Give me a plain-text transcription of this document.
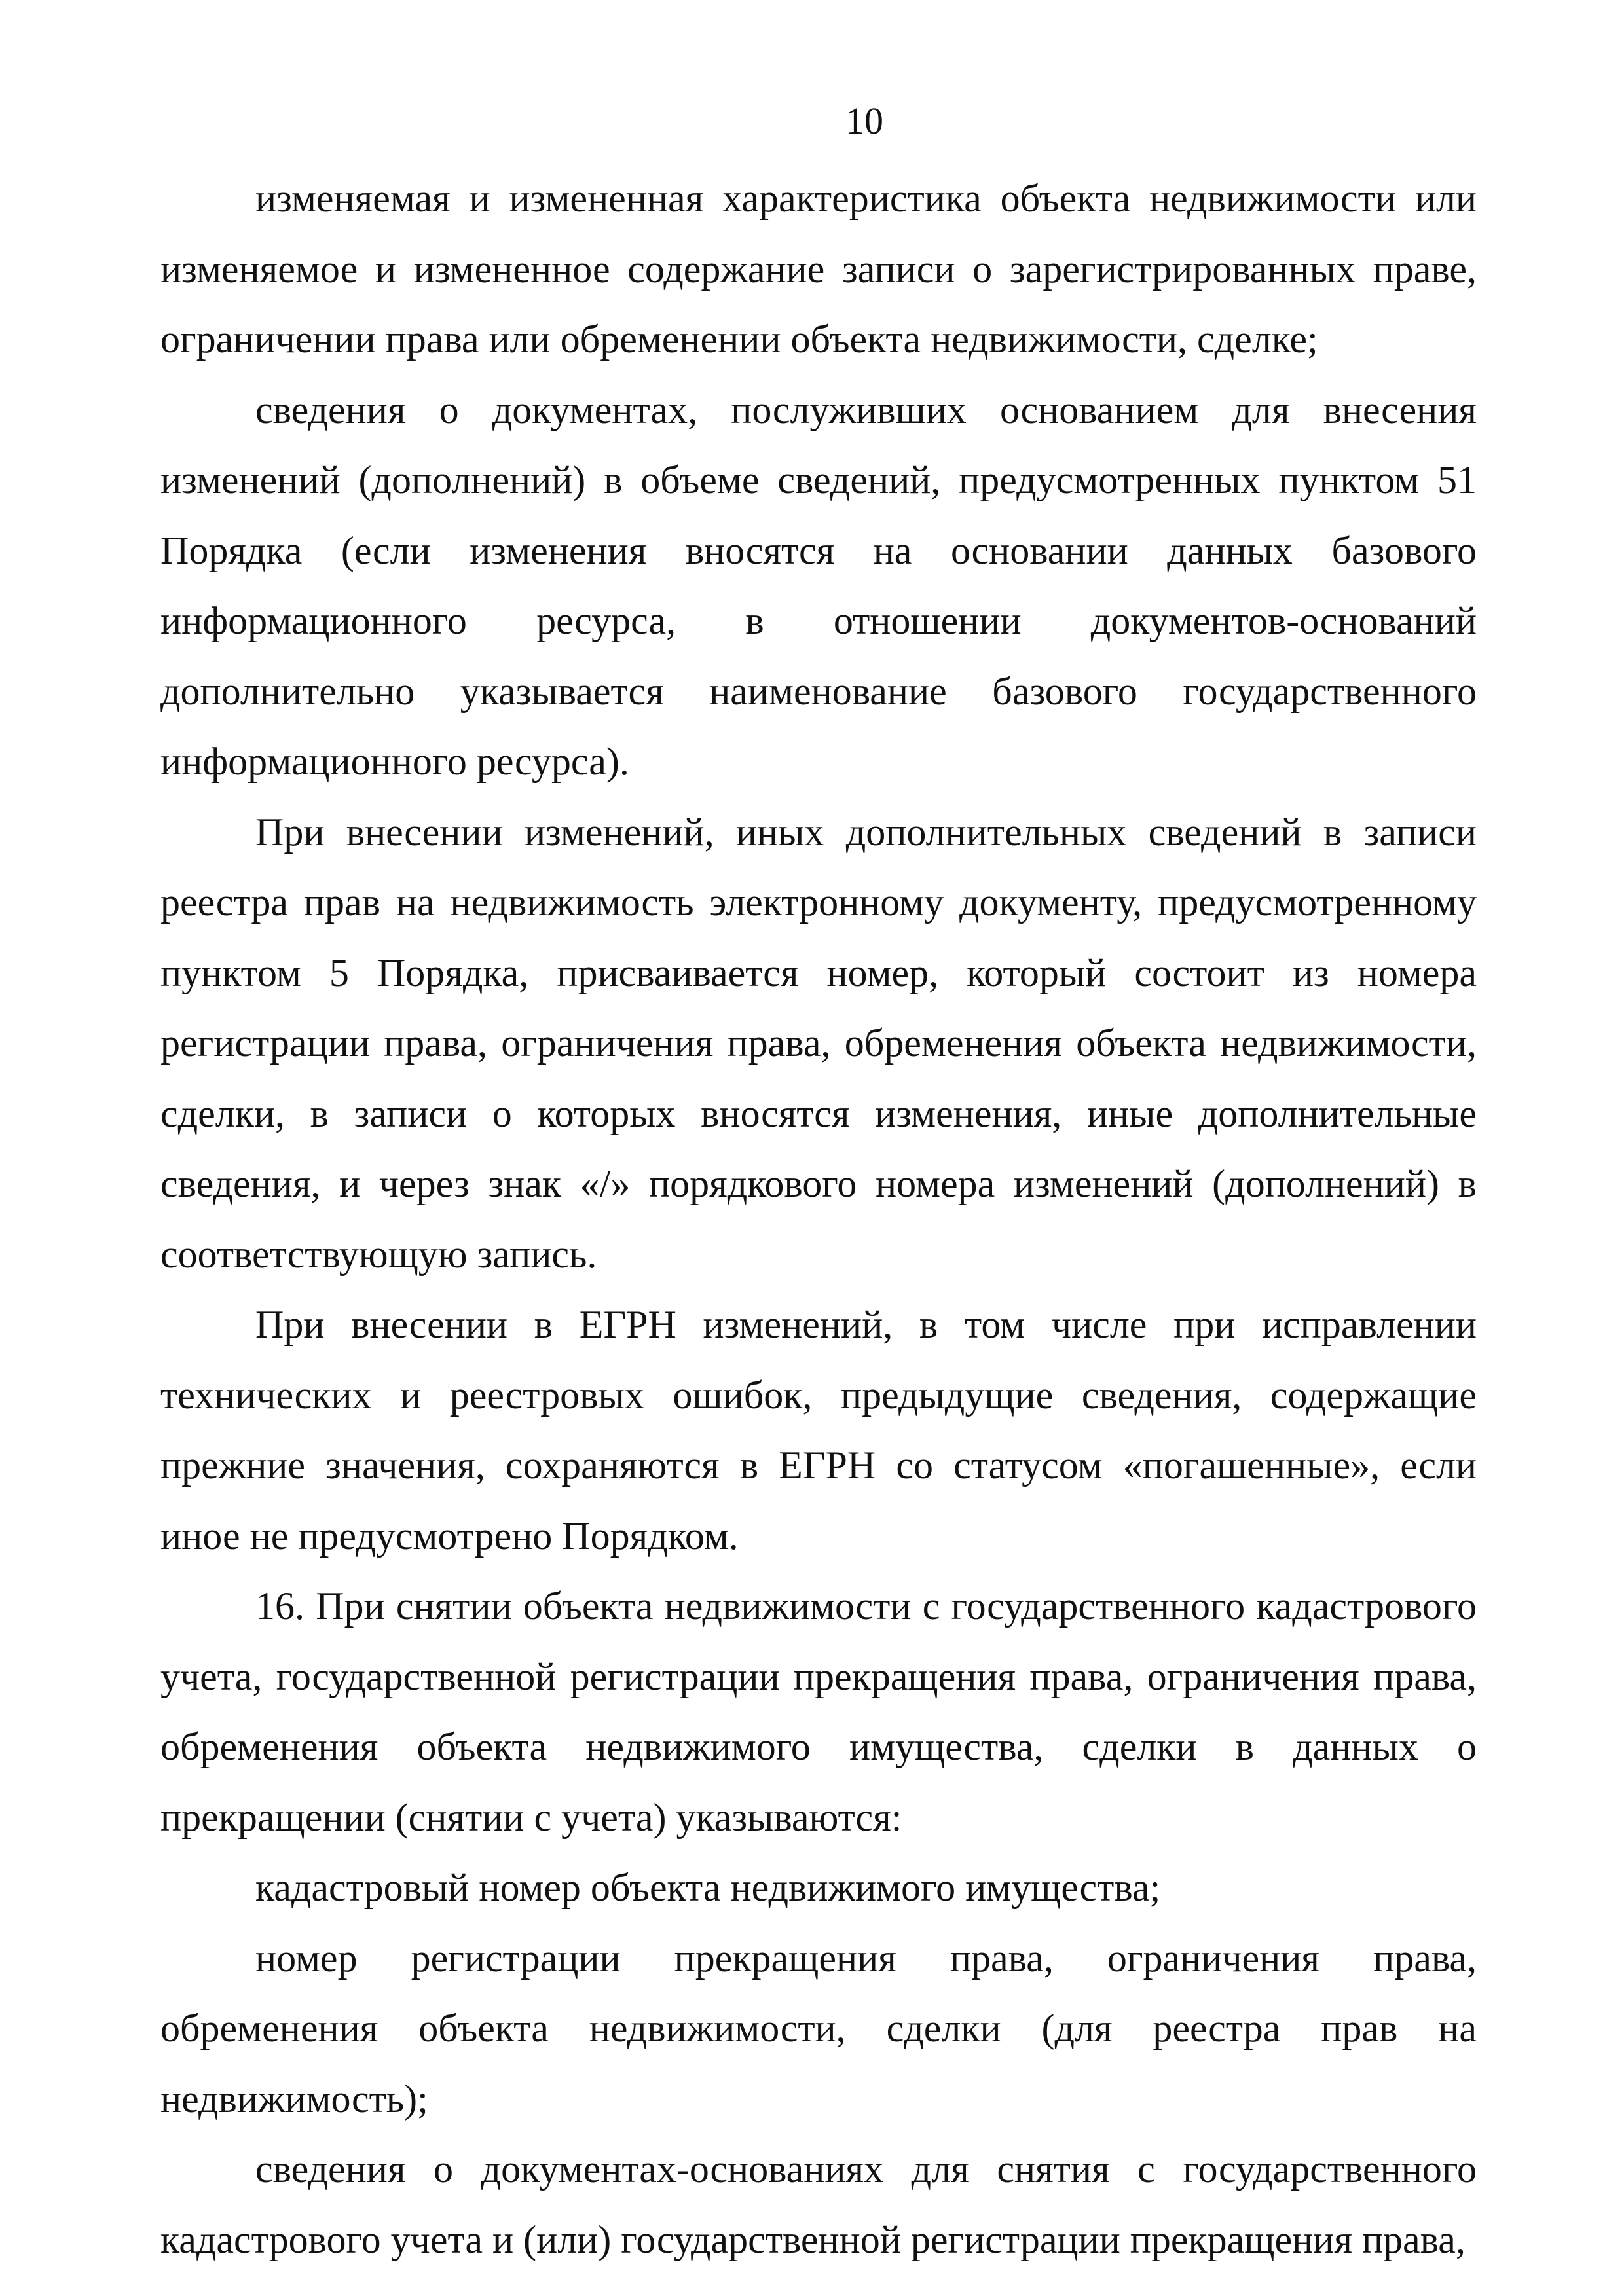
10

изменяемая и измененная характеристика объекта недвижимости или изменяемое и измененное содержание записи о зарегистрированных праве, ограничении права или обременении объекта недвижимости, сделке;

сведения о документах, послуживших основанием для внесения изменений (дополнений) в объеме сведений, предусмотренных пунктом 51 Порядка (если изменения вносятся на основании данных базового информационного ресурса, в отношении документов-оснований дополнительно указывается наименование базового государственного информационного ресурса).

При внесении изменений, иных дополнительных сведений в записи реестра прав на недвижимость электронному документу, предусмотренному пунктом 5 Порядка, присваивается номер, который состоит из номера регистрации права, ограничения права, обременения объекта недвижимости, сделки, в записи о которых вносятся изменения, иные дополнительные сведения, и через знак «/» порядкового номера изменений (дополнений) в соответствующую запись.

При внесении в ЕГРН изменений, в том числе при исправлении технических и реестровых ошибок, предыдущие сведения, содержащие прежние значения, сохраняются в ЕГРН со статусом «погашенные», если иное не предусмотрено Порядком.

16. При снятии объекта недвижимости с государственного кадастрового учета, государственной регистрации прекращения права, ограничения права, обременения объекта недвижимого имущества, сделки в данных о прекращении (снятии с учета) указываются:

кадастровый номер объекта недвижимого имущества;

номер регистрации прекращения права, ограничения права, обременения объекта недвижимости, сделки (для реестра прав на недвижимость);

сведения о документах-основаниях для снятия с государственного кадастрового учета и (или) государственной регистрации прекращения права,
